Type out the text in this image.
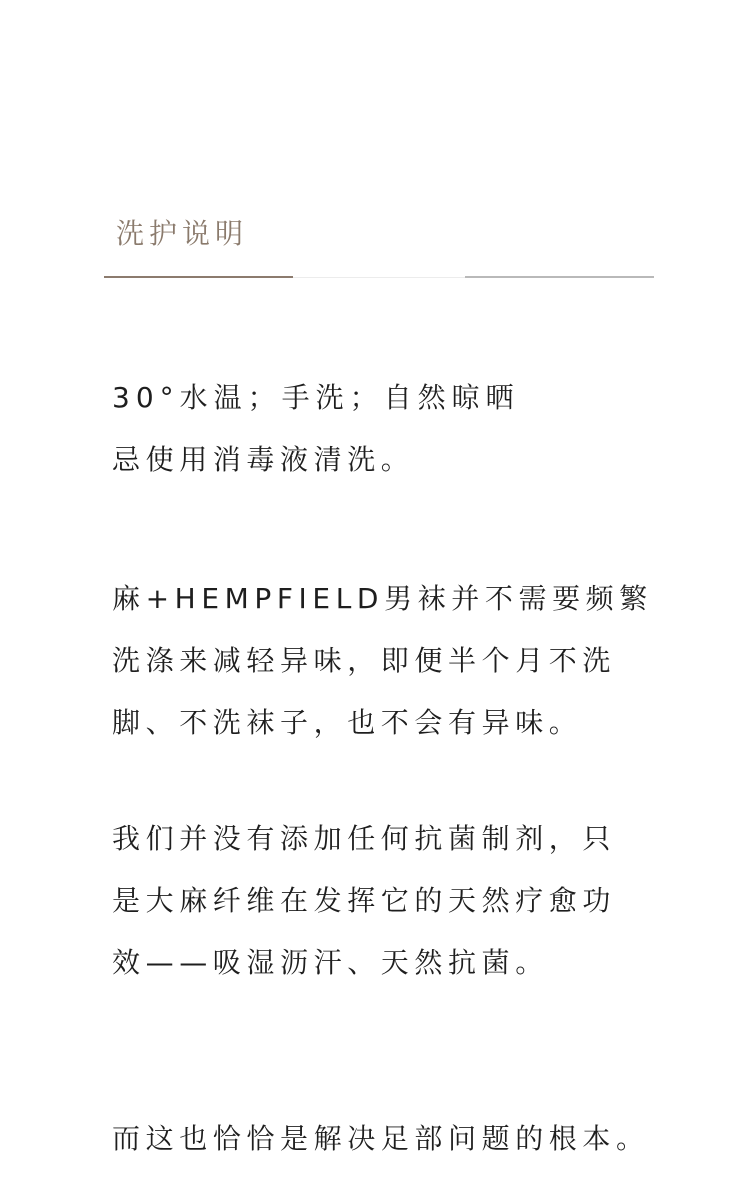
洗护说明
30°水温；手洗；自然晾晒
忌使用消毒液清洗。
麻+HEMPFIELD男袜并不需要频繁
洗涤来减轻异味，即便半个月不洗
脚、不洗袜子，也不会有异味。
我们并没有添加任何抗菌制剂，只
是大麻纤维在发挥它的天然疗愈功
效——吸湿沥汗、天然抗菌。
而这也恰恰是解决足部问题的根本。
